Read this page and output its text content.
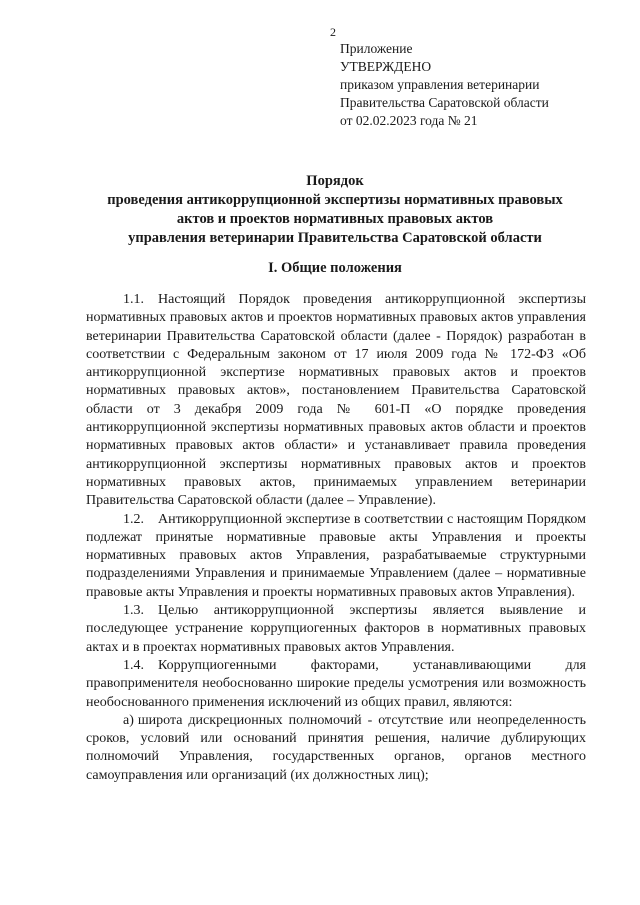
2
Приложение
УТВЕРЖДЕНО
приказом управления ветеринарии
Правительства Саратовской области
от 02.02.2023 года № 21
Порядок
проведения антикоррупционной экспертизы нормативных правовых
актов и проектов нормативных правовых актов
управления ветеринарии Правительства Саратовской области
I. Общие положения

1.1. Настоящий Порядок проведения антикоррупционной экспертизы нормативных правовых актов и проектов нормативных правовых актов управления ветеринарии Правительства Саратовской области (далее - Порядок) разработан в соответствии с Федеральным законом от 17 июля 2009 года № 172-ФЗ «Об антикоррупционной экспертизе нормативных правовых актов и проектов нормативных правовых актов», постановлением Правительства Саратовской области от 3 декабря 2009 года № 601-П «О порядке проведения антикоррупционной экспертизы нормативных правовых актов области и проектов нормативных правовых актов области» и устанавливает правила проведения антикоррупционной экспертизы нормативных правовых актов и проектов нормативных правовых актов, принимаемых управлением ветеринарии Правительства Саратовской области (далее – Управление).

1.2. Антикоррупционной экспертизе в соответствии с настоящим Порядком подлежат принятые нормативные правовые акты Управления и проекты нормативных правовых актов Управления, разрабатываемые структурными подразделениями Управления и принимаемые Управлением (далее – нормативные правовые акты Управления и проекты нормативных правовых актов Управления).

1.3. Целью антикоррупционной экспертизы является выявление и последующее устранение коррупциогенных факторов в нормативных правовых актах и в проектах нормативных правовых актов Управления.

1.4. Коррупциогенными факторами, устанавливающими для правоприменителя необоснованно широкие пределы усмотрения или возможность необоснованного применения исключений из общих правил, являются:

а) широта дискреционных полномочий - отсутствие или неопределенность сроков, условий или оснований принятия решения, наличие дублирующих полномочий Управления, государственных органов, органов местного самоуправления или организаций (их должностных лиц);
